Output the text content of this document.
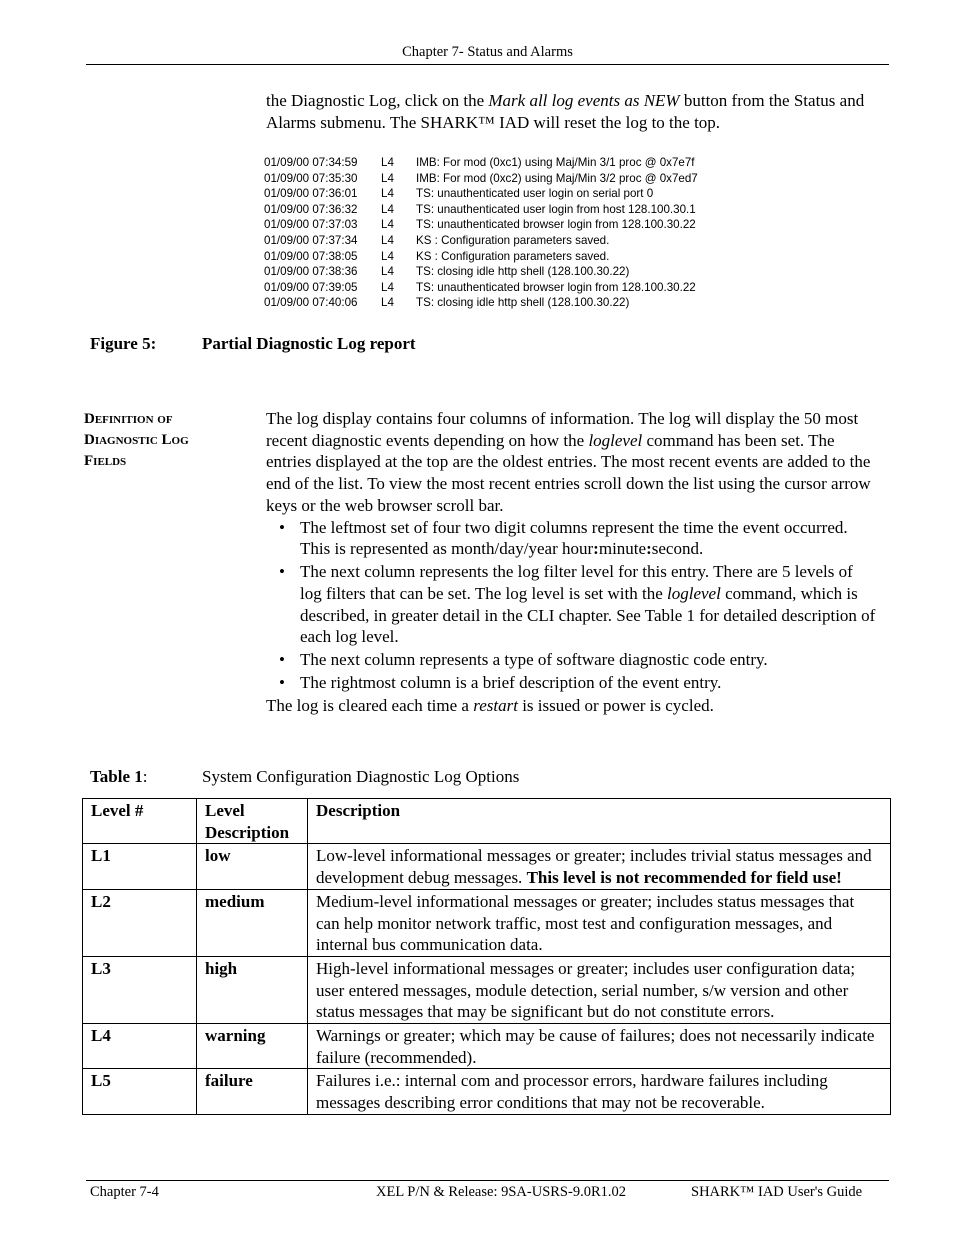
Chapter 7- Status and Alarms
the Diagnostic Log, click on the Mark all log events as NEW button from the Status and Alarms submenu. The SHARK™ IAD will reset the log to the top.
01/09/00 07:34:59 L4 IMB: For mod (0xc1) using Maj/Min 3/1 proc @ 0x7e7f
01/09/00 07:35:30 L4 IMB: For mod (0xc2) using Maj/Min 3/2 proc @ 0x7ed7
01/09/00 07:36:01 L4 TS: unauthenticated user login on serial port 0
01/09/00 07:36:32 L4 TS: unauthenticated user login from host 128.100.30.1
01/09/00 07:37:03 L4 TS: unauthenticated browser login from 128.100.30.22
01/09/00 07:37:34 L4 KS : Configuration parameters saved.
01/09/00 07:38:05 L4 KS : Configuration parameters saved.
01/09/00 07:38:36 L4 TS: closing idle http shell (128.100.30.22)
01/09/00 07:39:05 L4 TS: unauthenticated browser login from 128.100.30.22
01/09/00 07:40:06 L4 TS: closing idle http shell (128.100.30.22)
Figure 5:	Partial Diagnostic Log report
Definition of
Diagnostic Log
Fields

The log display contains four columns of information. The log will display the 50 most recent diagnostic events depending on how the loglevel command has been set. The entries displayed at the top are the oldest entries. The most recent events are added to the end of the list. To view the most recent entries scroll down the list using the cursor arrow keys or the web browser scroll bar.

• The leftmost set of four two digit columns represent the time the event occurred. This is represented as month/day/year hour:minute:second.
• The next column represents the log filter level for this entry. There are 5 levels of log filters that can be set. The log level is set with the loglevel command, which is described, in greater detail in the CLI chapter. See Table 1 for detailed description of each log level.
• The next column represents a type of software diagnostic code entry.
• The rightmost column is a brief description of the event entry.

The log is cleared each time a restart is issued or power is cycled.

Table 1:	System Configuration Diagnostic Log Options
Level #	Level Description	Description
L1	low	Low-level informational messages or greater; includes trivial status messages and development debug messages. This level is not recommended for field use!
L2	medium	Medium-level informational messages or greater; includes status messages that can help monitor network traffic, most test and configuration messages, and internal bus communication data.
L3	high	High-level informational messages or greater; includes user configuration data; user entered messages, module detection, serial number, s/w version and other status messages that may be significant but do not constitute errors.
L4	warning	Warnings or greater; which may be cause of failures; does not necessarily indicate failure (recommended).
L5	failure	Failures i.e.: internal com and processor errors, hardware failures including messages describing error conditions that may not be recoverable.
Chapter 7-4	XEL P/N & Release: 9SA-USRS-9.0R1.02	SHARK™ IAD User's Guide
